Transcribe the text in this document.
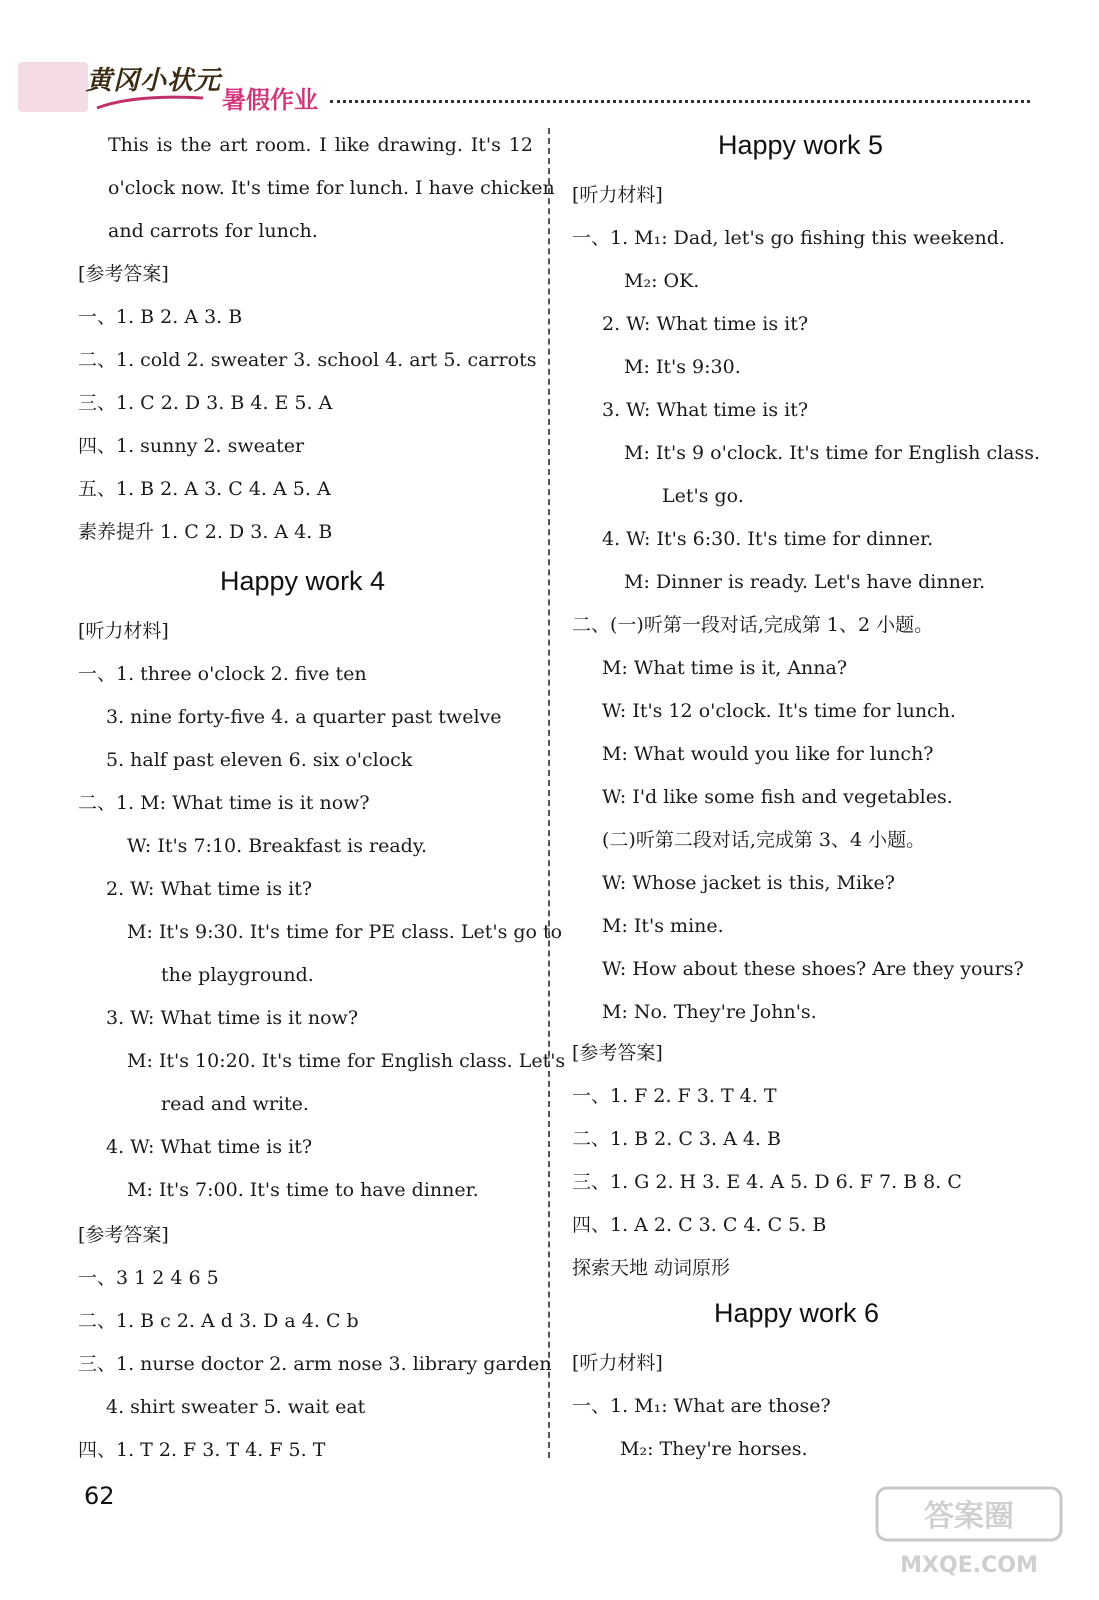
黄冈小状元
暑假作业
This is the art room. I like drawing. It's 12
o'clock now. It's time for lunch. I have chicken
and carrots for lunch.
[参考答案]
一、1. B 2. A 3. B
二、1. cold 2. sweater 3. school 4. art 5. carrots
三、1. C 2. D 3. B 4. E 5. A
四、1. sunny 2. sweater
五、1. B 2. A 3. C 4. A 5. A
素养提升 1. C 2. D 3. A 4. B
Happy work 4
[听力材料]
一、1. three o'clock 2. five ten
3. nine forty-five 4. a quarter past twelve
5. half past eleven 6. six o'clock
二、1. M: What time is it now?
W: It's 7:10. Breakfast is ready.
2. W: What time is it?
M: It's 9:30. It's time for PE class. Let's go to
the playground.
3. W: What time is it now?
M: It's 10:20. It's time for English class. Let's
read and write.
4. W: What time is it?
M: It's 7:00. It's time to have dinner.
[参考答案]
一、3 1 2 4 6 5
二、1. B c 2. A d 3. D a 4. C b
三、1. nurse doctor 2. arm nose 3. library garden
4. shirt sweater 5. wait eat
四、1. T 2. F 3. T 4. F 5. T
Happy work 5
[听力材料]
一、1. M₁: Dad, let's go fishing this weekend.
M₂: OK.
2. W: What time is it?
M: It's 9:30.
3. W: What time is it?
M: It's 9 o'clock. It's time for English class.
Let's go.
4. W: It's 6:30. It's time for dinner.
M: Dinner is ready. Let's have dinner.
二、(一)听第一段对话,完成第 1、2 小题。
M: What time is it, Anna?
W: It's 12 o'clock. It's time for lunch.
M: What would you like for lunch?
W: I'd like some fish and vegetables.
(二)听第二段对话,完成第 3、4 小题。
W: Whose jacket is this, Mike?
M: It's mine.
W: How about these shoes? Are they yours?
M: No. They're John's.
[参考答案]
一、1. F 2. F 3. T 4. T
二、1. B 2. C 3. A 4. B
三、1. G 2. H 3. E 4. A 5. D 6. F 7. B 8. C
四、1. A 2. C 3. C 4. C 5. B
探索天地 动词原形
Happy work 6
[听力材料]
一、1. M₁: What are those?
M₂: They're horses.
62
答案圈
MXQE.COM
